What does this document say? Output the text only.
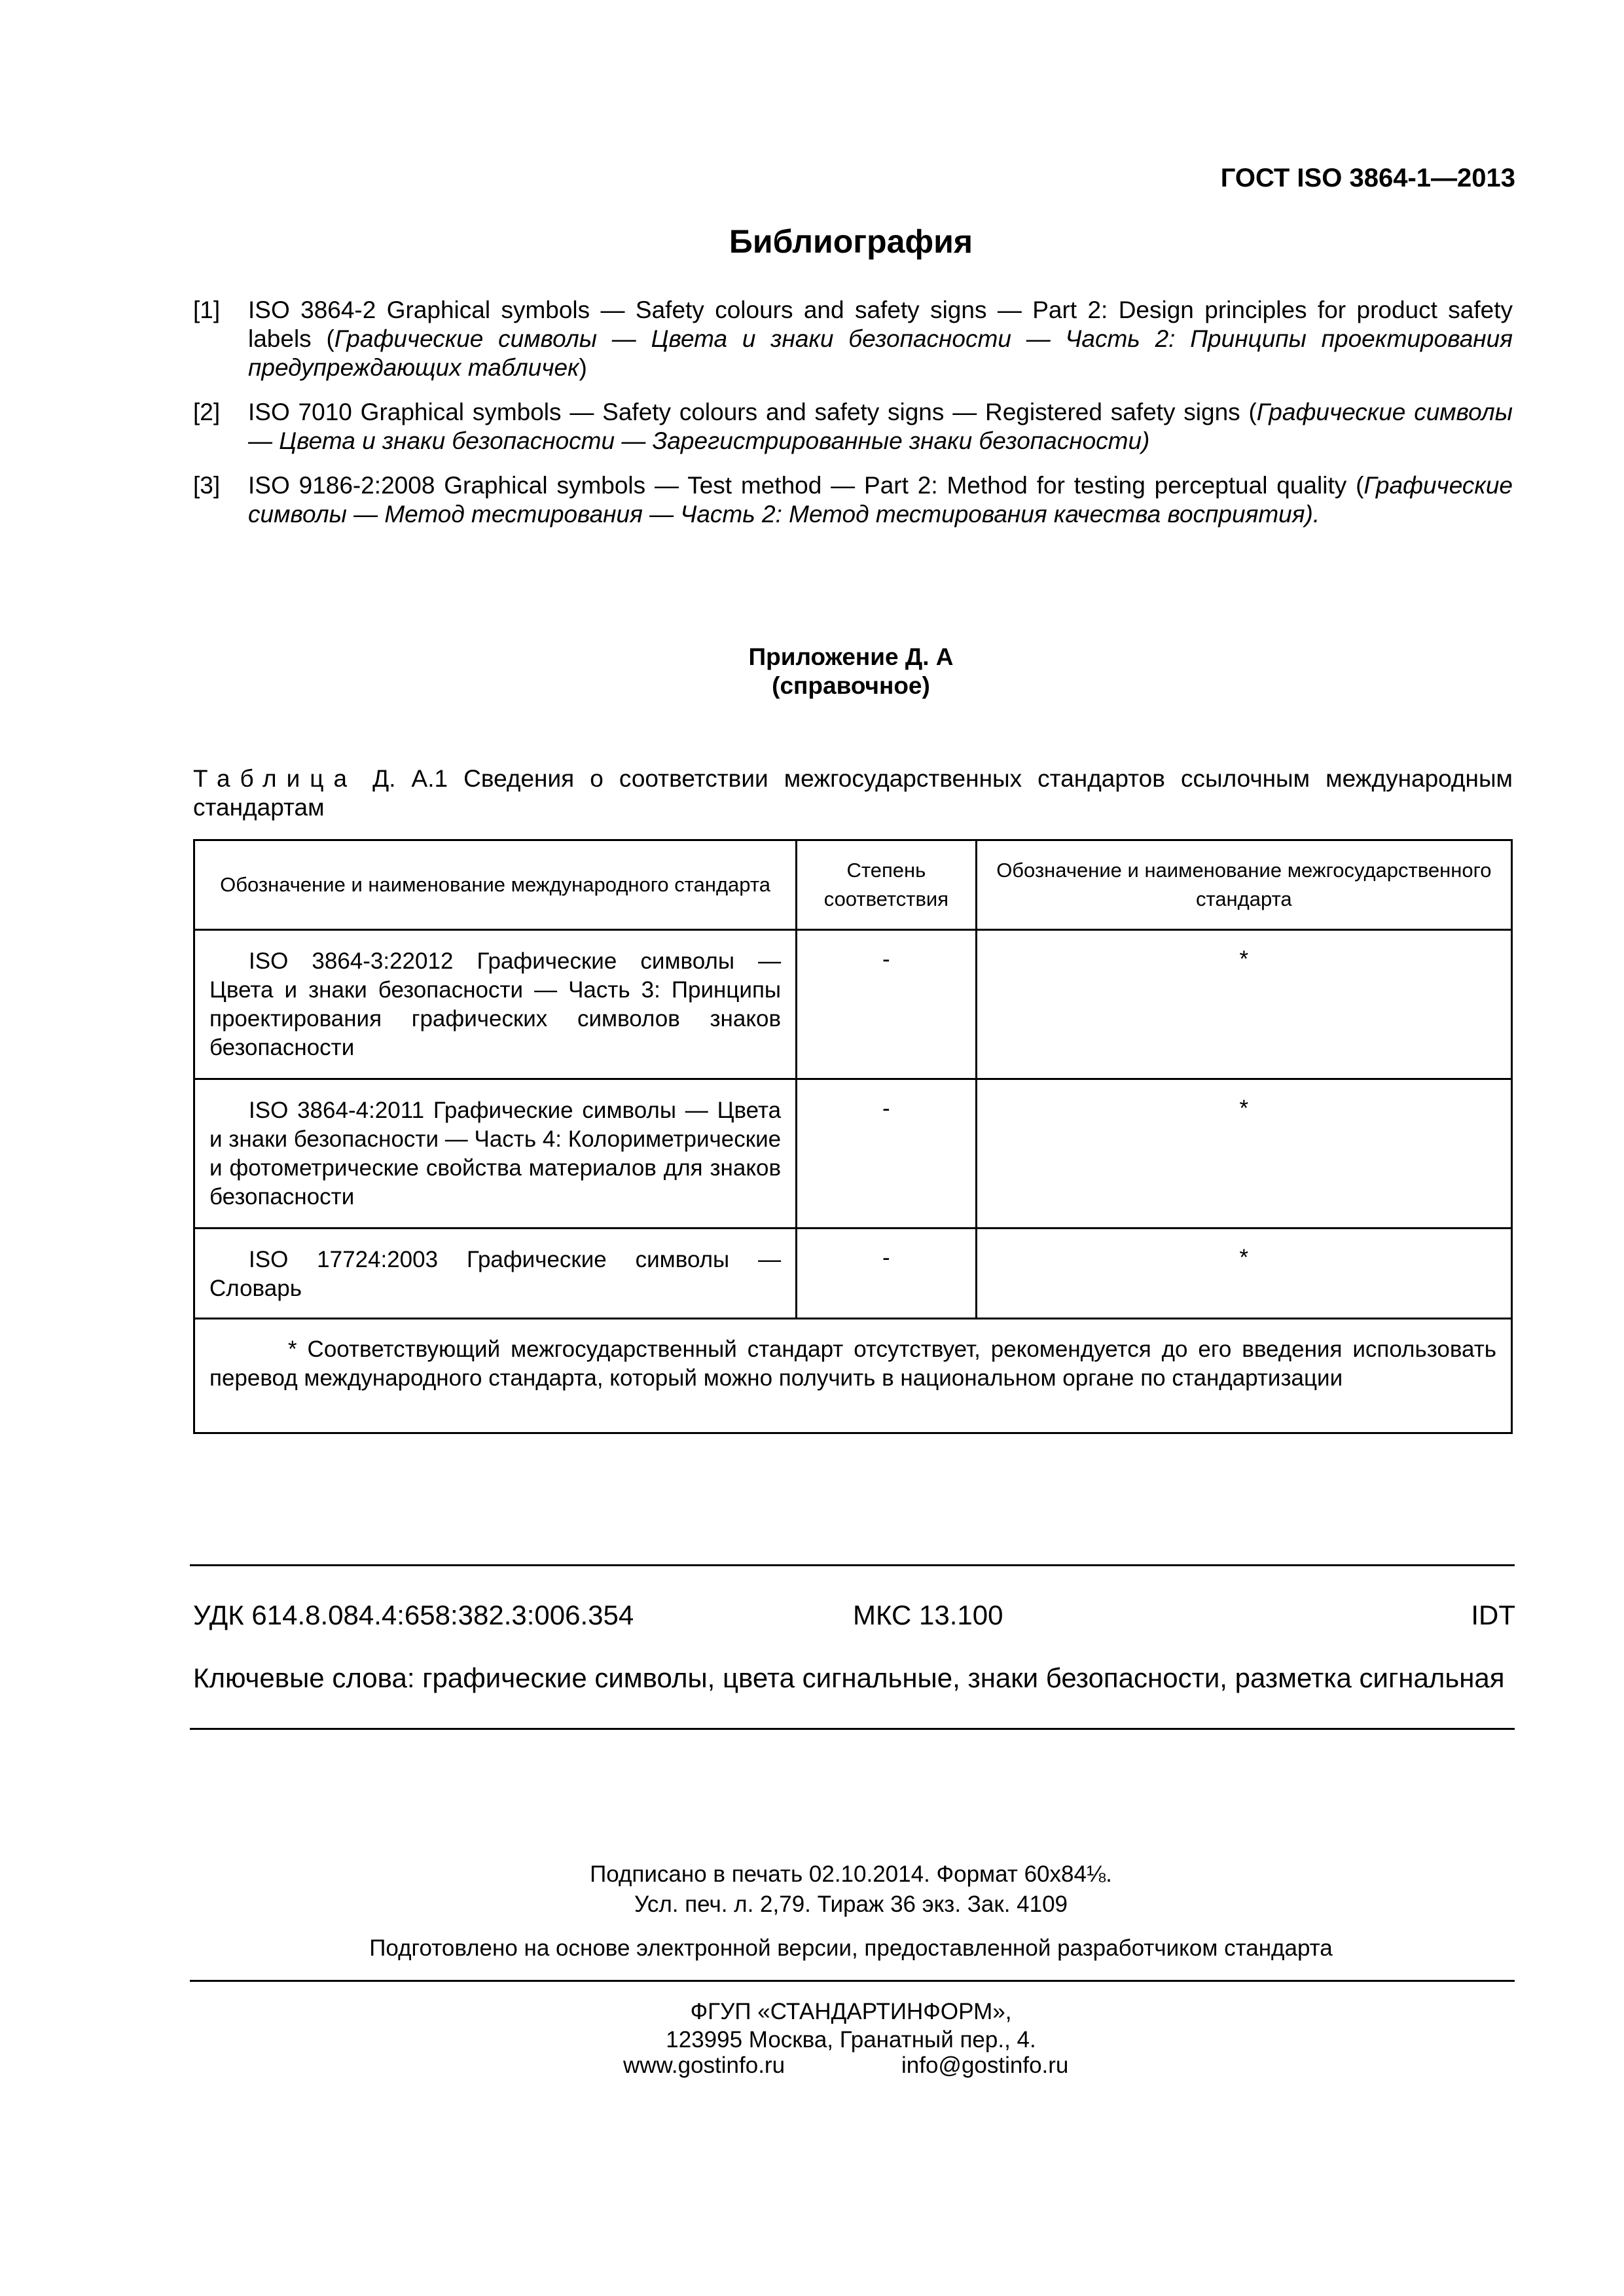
ГОСТ ISO 3864-1—2013
Библиография
[1] ISO 3864-2 Graphical symbols — Safety colours and safety signs — Part 2: Design principles for product safety labels (Графические символы — Цвета и знаки безопасности — Часть 2: Принципы проектирования предупреждающих табличек)
[2] ISO 7010 Graphical symbols — Safety colours and safety signs — Registered safety signs (Графические символы — Цвета и знаки безопасности — Зарегистрированные знаки безопасности)
[3] ISO 9186-2:2008 Graphical symbols — Test method — Part 2: Method for testing perceptual quality (Графические символы — Метод тестирования — Часть 2: Метод тестирования качества восприятия).
Приложение Д. А
(справочное)
Таблица Д. А.1 Сведения о соответствии межгосударственных стандартов ссылочным международным стандартам
Обозначение и наименование международного стандарта	Степень соответствия	Обозначение и наименование межгосударственного стандарта
ISO 3864-3:22012 Графические символы — Цвета и знаки безопасности — Часть 3: Принципы проектирования графических символов знаков безопасности	-	*
ISO 3864-4:2011 Графические символы — Цвета и знаки безопасности — Часть 4: Колориметрические и фотометрические свойства материалов для знаков безопасности	-	*
ISO 17724:2003 Графические символы — Словарь	-	*
* Соответствующий межгосударственный стандарт отсутствует, рекомендуется до его введения использовать перевод международного стандарта, который можно получить в национальном органе по стандартизации		
УДК 614.8.084.4:658:382.3:006.354	МКС 13.100	IDT
Ключевые слова: графические символы, цвета сигнальные, знаки безопасности, разметка сигнальная
Подписано в печать 02.10.2014. Формат 60x84⅛.
Усл. печ. л. 2,79. Тираж 36 экз. Зак. 4109
Подготовлено на основе электронной версии, предоставленной разработчиком стандарта
ФГУП «СТАНДАРТИНФОРМ»,
123995 Москва, Гранатный пер., 4.
www.gostinfo.ru	info@gostinfo.ru
